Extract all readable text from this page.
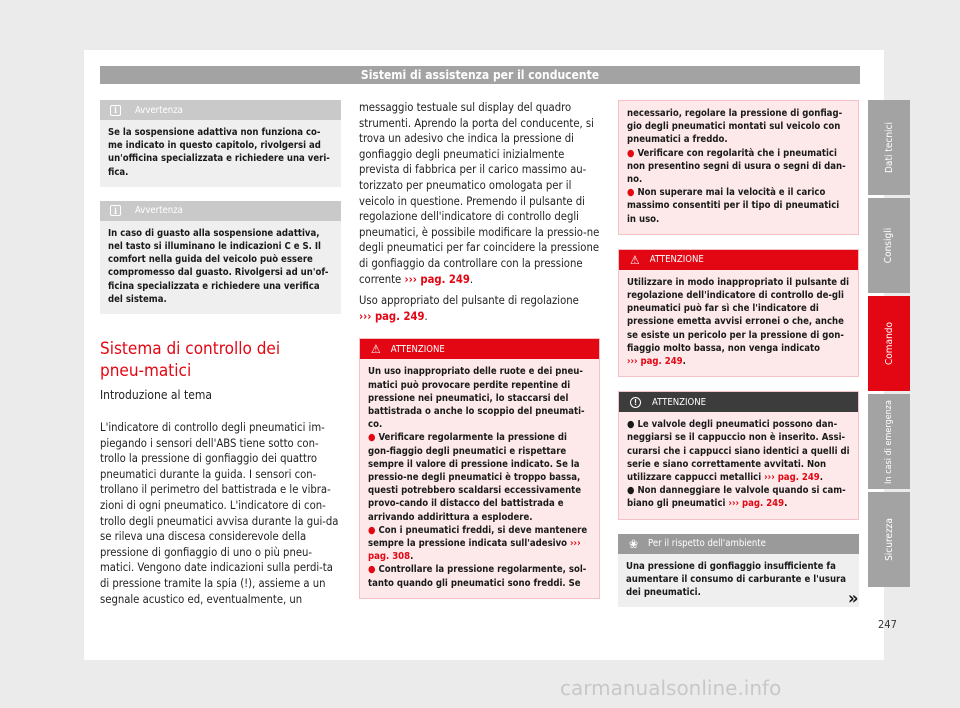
Sistemi di assistenza per il conducente
i	Avvertenza
Se la sospensione adattiva non funziona co-me indicato in questo capitolo, rivolgersi ad un'officina specializzata e richiedere una veri-fica.
i	Avvertenza
In caso di guasto alla sospensione adattiva, nel tasto si illuminano le indicazioni C e S. Il comfort nella guida del veicolo può essere compromesso dal guasto. Rivolgersi ad un'of-ficina specializzata e richiedere una verifica del sistema.
Sistema di controllo dei pneu-matici
Introduzione al tema
L'indicatore di controllo degli pneumatici im-piegando i sensori dell'ABS tiene sotto con-trollo la pressione di gonfiaggio dei quattro pneumatici durante la guida. I sensori con-trollano il perimetro del battistrada e le vibra-zioni di ogni pneumatico. L'indicatore di con-trollo degli pneumatici avvisa durante la gui-da se rileva una discesa considerevole della pressione di gonfiaggio di uno o più pneu-matici. Vengono date indicazioni sulla perdi-ta di pressione tramite la spia (!), assieme a un segnale acustico ed, eventualmente, un
messaggio testuale sul display del quadro strumenti. Aprendo la porta del conducente, si trova un adesivo che indica la pressione di gonfiaggio degli pneumatici inizialmente prevista di fabbrica per il carico massimo au-torizzato per pneumatico omologata per il veicolo in questione. Premendo il pulsante di regolazione dell'indicatore di controllo degli pneumatici, è possibile modificare la pressio-ne degli pneumatici per far coincidere la pressione di gonfiaggio da controllare con la pressione corrente ››› pag. 249.
Uso appropriato del pulsante di regolazione
››› pag. 249.
⚠ ATTENZIONE
Un uso inappropriato delle ruote e dei pneu-matici può provocare perdite repentine di pressione nei pneumatici, lo staccarsi del battistrada o anche lo scoppio del pneumati-co.
● Verificare regolarmente la pressione di gon-fiaggio degli pneumatici e rispettare sempre il valore di pressione indicato. Se la pressio-ne degli pneumatici è troppo bassa, questi potrebbero scaldarsi eccessivamente provo-cando il distacco del battistrada e arrivando addirittura a esplodere.
● Con i pneumatici freddi, si deve mantenere sempre la pressione indicata sull'adesivo ››› pag. 308.
● Controllare la pressione regolarmente, sol-tanto quando gli pneumatici sono freddi. Se
necessario, regolare la pressione di gonfiag-gio degli pneumatici montati sul veicolo con pneumatici a freddo.
● Verificare con regolarità che i pneumatici non presentino segni di usura o segni di dan-no.
● Non superare mai la velocità e il carico massimo consentiti per il tipo di pneumatici in uso.
⚠ ATTENZIONE
Utilizzare in modo inappropriato il pulsante di regolazione dell'indicatore di controllo de-gli pneumatici può far sì che l'indicatore di pressione emetta avvisi erronei o che, anche se esiste un pericolo per la pressione di gon-fiaggio molto bassa, non venga indicato
››› pag. 249.
!	ATTENZIONE
● Le valvole degli pneumatici possono dan-neggiarsi se il cappuccio non è inserito. Assi-curarsi che i cappucci siano identici a quelli di serie e siano correttamente avvitati. Non utilizzare cappucci metallici ››› pag. 249.
● Non danneggiare le valvole quando si cam-biano gli pneumatici ››› pag. 249.
❀ Per il rispetto dell'ambiente
Una pressione di gonfiaggio insufficiente fa aumentare il consumo di carburante e l'usura dei pneumatici.	»
Dati tecnici
Consigli
Comando
In casi di emergenza
Sicurezza
247
carmanualsonline.info
